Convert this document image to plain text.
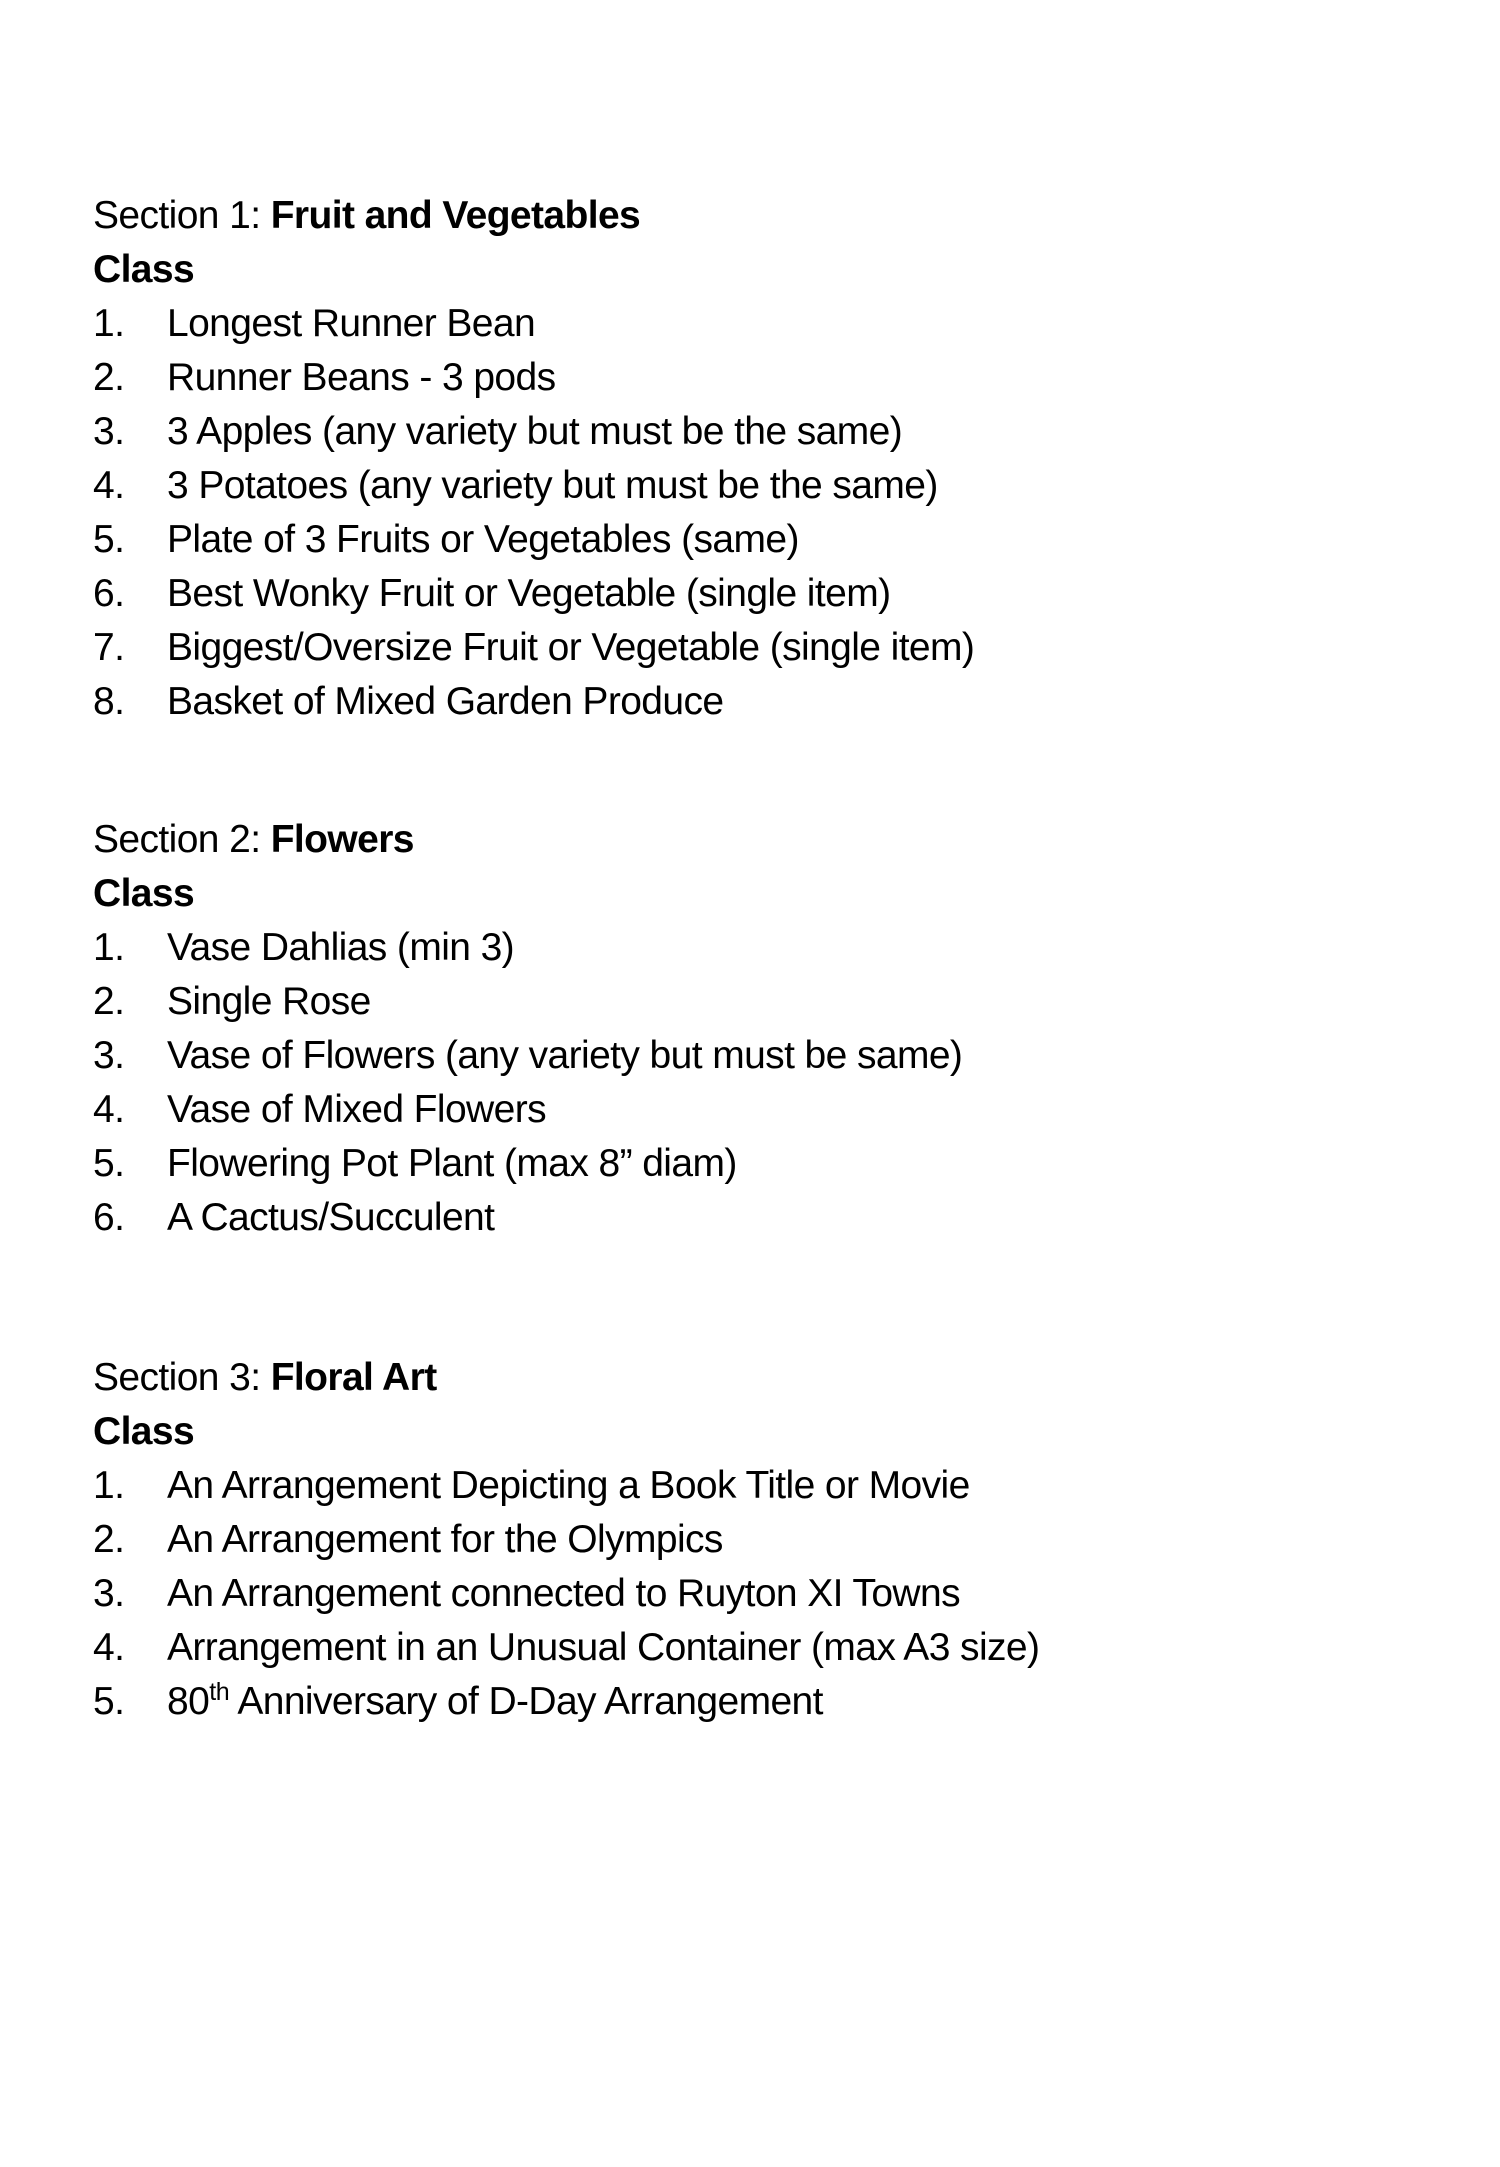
Section 1: Fruit and Vegetables

Class

1.	Longest Runner Bean
2.	Runner Beans - 3 pods
3.	3 Apples (any variety but must be the same)
4.	3 Potatoes (any variety but must be the same)
5.	Plate of 3 Fruits or Vegetables (same)
6.	Best Wonky Fruit or Vegetable (single item)
7.	Biggest/Oversize Fruit or Vegetable (single item)
8.	Basket of Mixed Garden Produce

Section 2: Flowers

Class

1.	Vase Dahlias (min 3)
2.	Single Rose
3.	Vase of Flowers (any variety but must be same)
4.	Vase of Mixed Flowers
5.	Flowering Pot Plant (max 8” diam)
6.	A Cactus/Succulent

Section 3: Floral Art

Class

1.	An Arrangement Depicting a Book Title or Movie
2.	An Arrangement for the Olympics
3.	An Arrangement connected to Ruyton XI Towns
4.	Arrangement in an Unusual Container (max A3 size)
5.	80th Anniversary of D-Day Arrangement
